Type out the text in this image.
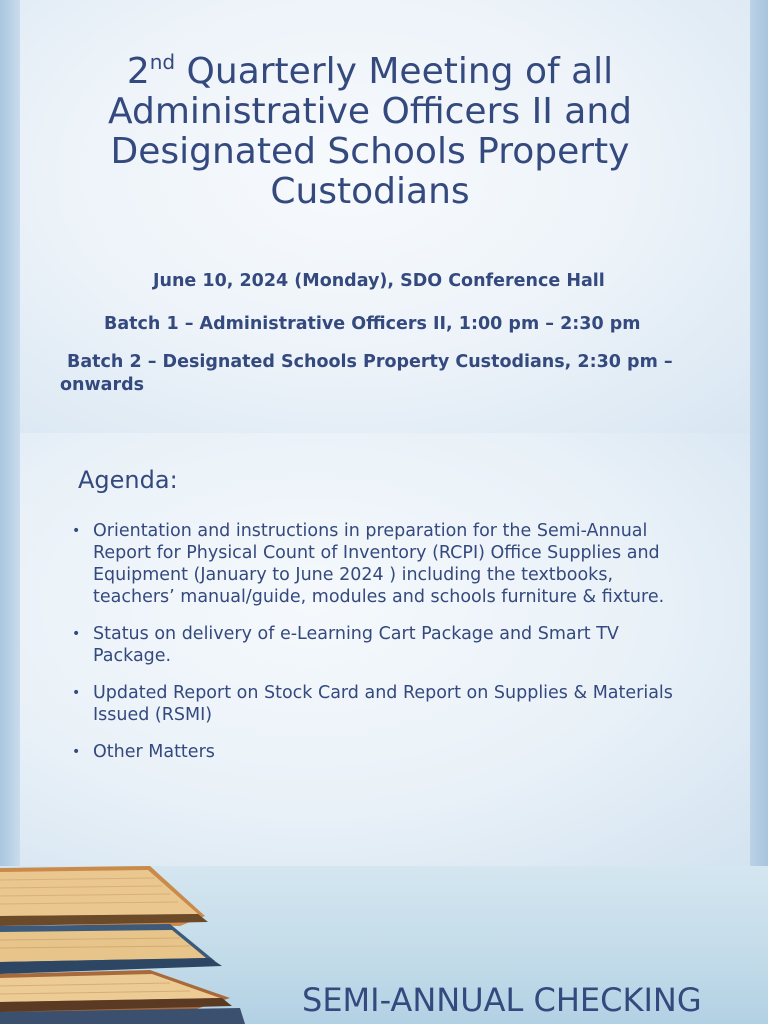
2nd Quarterly Meeting of all Administrative Officers II and Designated Schools Property Custodians
June 10, 2024 (Monday), SDO Conference Hall
Batch 1 – Administrative Officers II, 1:00 pm – 2:30 pm
Batch 2 – Designated Schools Property Custodians, 2:30 pm – onwards
Agenda:
• Orientation and instructions in preparation for the Semi-Annual Report for Physical Count of Inventory (RCPI) Office Supplies and Equipment (January to June 2024 ) including the textbooks, teachers’ manual/guide, modules and schools furniture & fixture.
• Status on delivery of e-Learning Cart Package and Smart TV Package.
• Updated Report on Stock Card and Report on Supplies & Materials Issued (RSMI)
• Other Matters
SEMI-ANNUAL CHECKING
